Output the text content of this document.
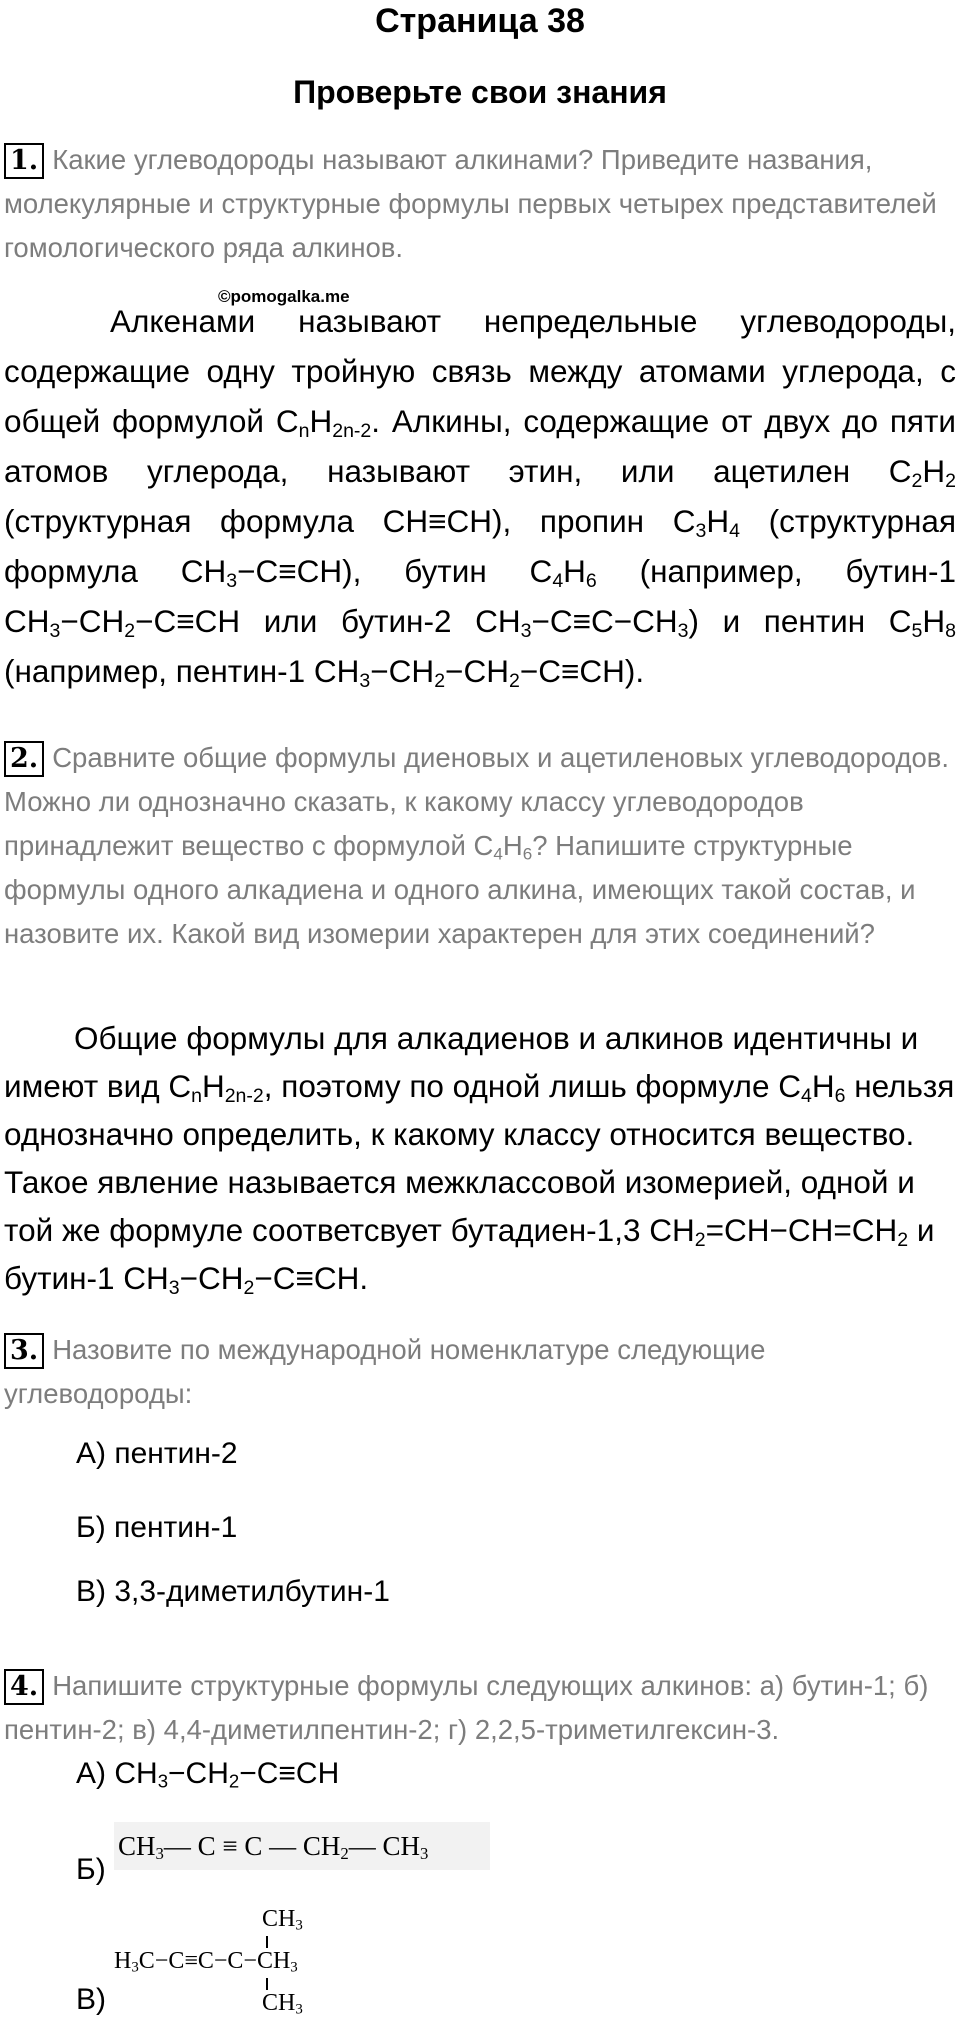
Страница 38
Проверьте свои знания
1. Какие углеводороды называют алкинами? Приведите названия, молекулярные и структурные формулы первых четырех представителей гомологического ряда алкинов.
©pomogalka.me

Алкенами называют непредельные углеводороды, содержащие одну тройную связь между атомами углерода, с общей формулой $C_nH_{2n-2}$. Алкины, содержащие от двух до пяти атомов углерода, называют этин, или ацетилен $C_2H_2$ (структурная формула CH≡CH), пропин $C_3H_4$ (структурная формула $CH_3-C\equiv CH$), бутин $C_4H_6$ (например, бутин-1 $CH_3-CH_2-C\equiv CH$ или бутин-2 $CH_3-C\equiv C-CH_3$) и пентин $C_5H_8$ (например, пентин-1 $CH_3-CH_2-CH_2-C\equiv CH$).

2. Сравните общие формулы диеновых и ацетиленовых углеводородов. Можно ли однозначно сказать, к какому классу углеводородов принадлежит вещество с формулой $C_4H_6$? Напишите структурные формулы одного алкадиена и одного алкина, имеющих такой состав, и назовите их. Какой вид изомерии характерен для этих соединений?

Общие формулы для алкадиенов и алкинов идентичны и имеют вид $C_nH_{2n-2}$, поэтому по одной лишь формуле $C_4H_6$ нельзя однозначно определить, к какому классу относится вещество. Такое явление называется межклассовой изомерией, одной и той же формуле соответсвует бутадиен-1,3 $CH_2=CH-CH=CH_2$ и бутин-1 $CH_3-CH_2-C\equiv CH$.

3. Назовите по международной номенклатуре следующие углеводороды:
А) пентин-2
Б) пентин-1
В) 3,3-диметилбутин-1
4. Напишите структурные формулы следующих алкинов: а) бутин-1; б) пентин-2; в) 4,4-диметилпентин-2; г) 2,2,5-триметилгексин-3.
А) $CH_3-CH_2-C\equiv CH$
Б)
$CH_3—$ C ≡ C — $CH_2—$ $CH_3$
В)
$CH_3$
$H_3C-C\equiv C-C-CH_3$
$CH_3$
